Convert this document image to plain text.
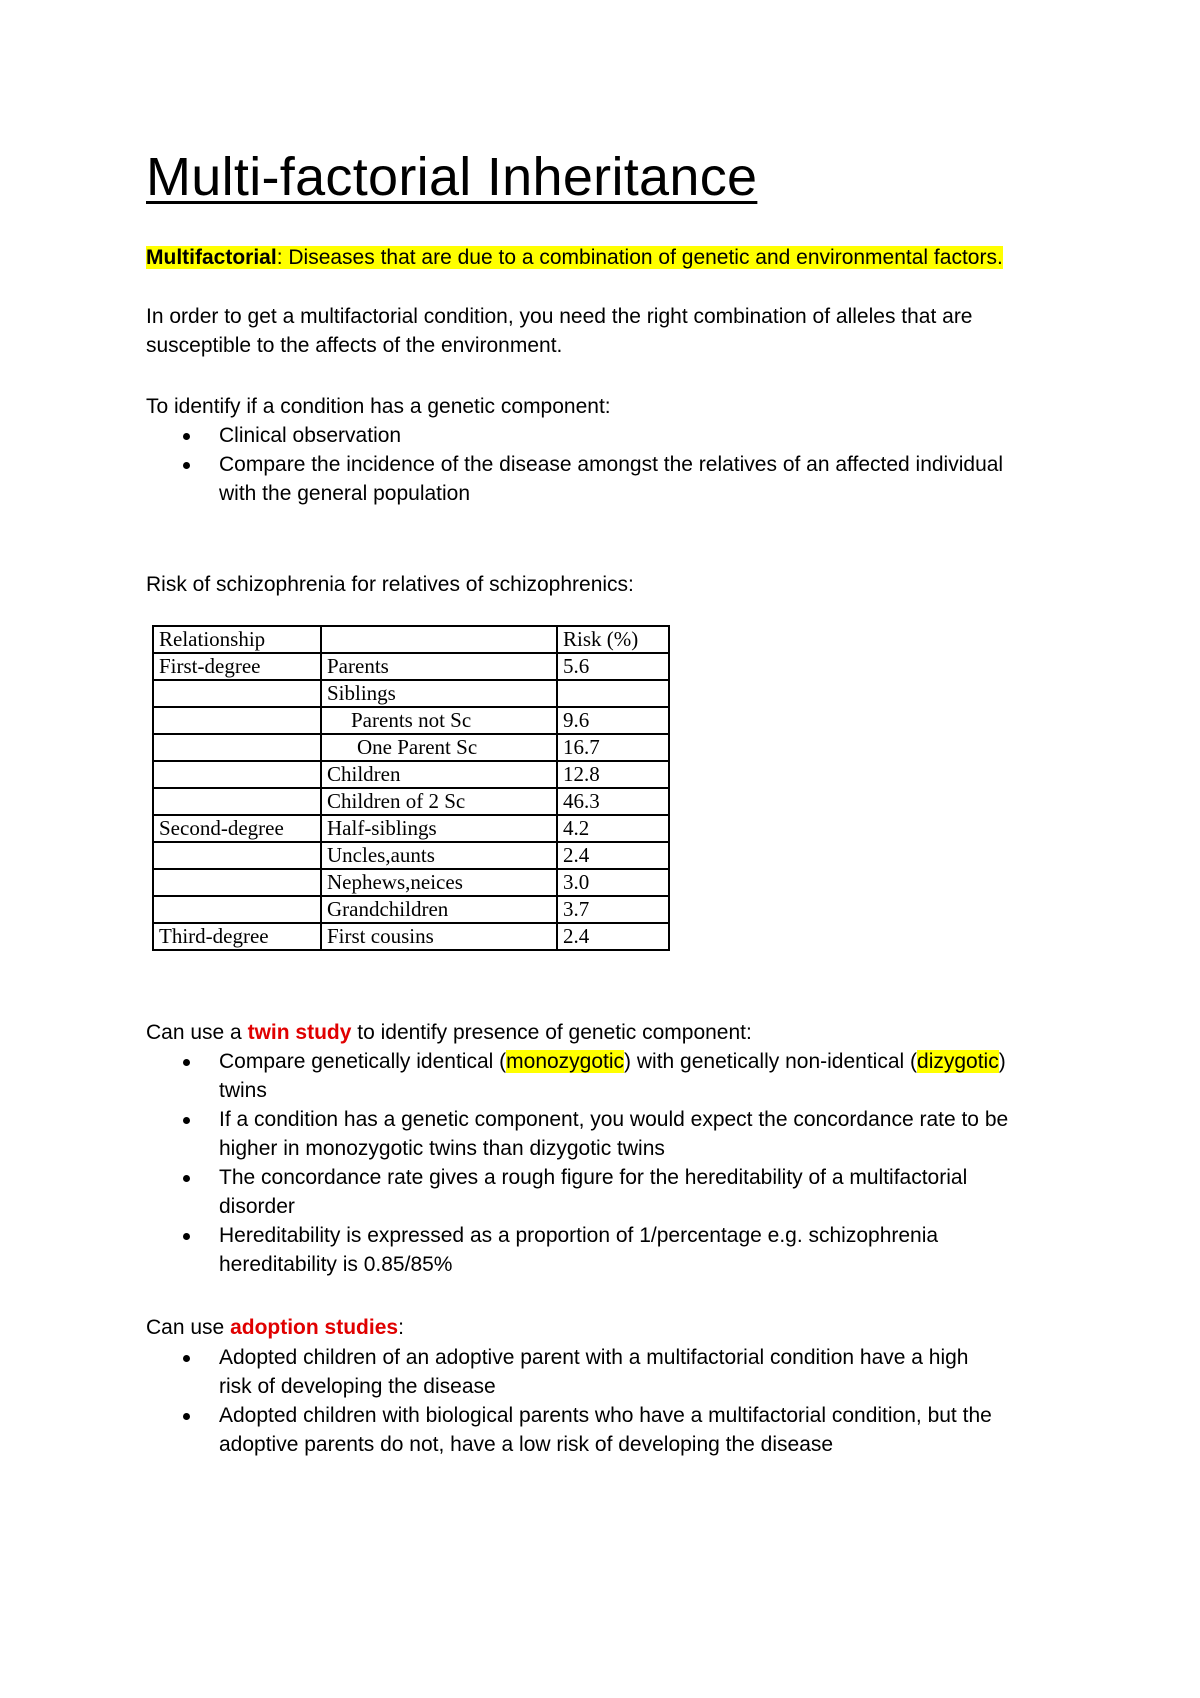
Multi-factorial Inheritance
Multifactorial: Diseases that are due to a combination of genetic and environmental factors.
In order to get a multifactorial condition, you need the right combination of alleles that are
susceptible to the affects of the environment.
To identify if a condition has a genetic component:
Clinical observation
Compare the incidence of the disease amongst the relatives of an affected individual
with the general population
Risk of schizophrenia for relatives of schizophrenics:
Relationship		Risk (%)
First-degree	Parents	5.6
	Siblings	
	Parents not Sc	9.6
	One Parent Sc	16.7
	Children	12.8
	Children of 2 Sc	46.3
Second-degree	Half-siblings	4.2
	Uncles,aunts	2.4
	Nephews,neices	3.0
	Grandchildren	3.7
Third-degree	First cousins	2.4
Can use a twin study to identify presence of genetic component:
Compare genetically identical (monozygotic) with genetically non-identical (dizygotic)
twins
If a condition has a genetic component, you would expect the concordance rate to be
higher in monozygotic twins than dizygotic twins
The concordance rate gives a rough figure for the hereditability of a multifactorial
disorder
Hereditability is expressed as a proportion of 1/percentage e.g. schizophrenia
hereditability is 0.85/85%
Can use adoption studies:
Adopted children of an adoptive parent with a multifactorial condition have a high
risk of developing the disease
Adopted children with biological parents who have a multifactorial condition, but the
adoptive parents do not, have a low risk of developing the disease
